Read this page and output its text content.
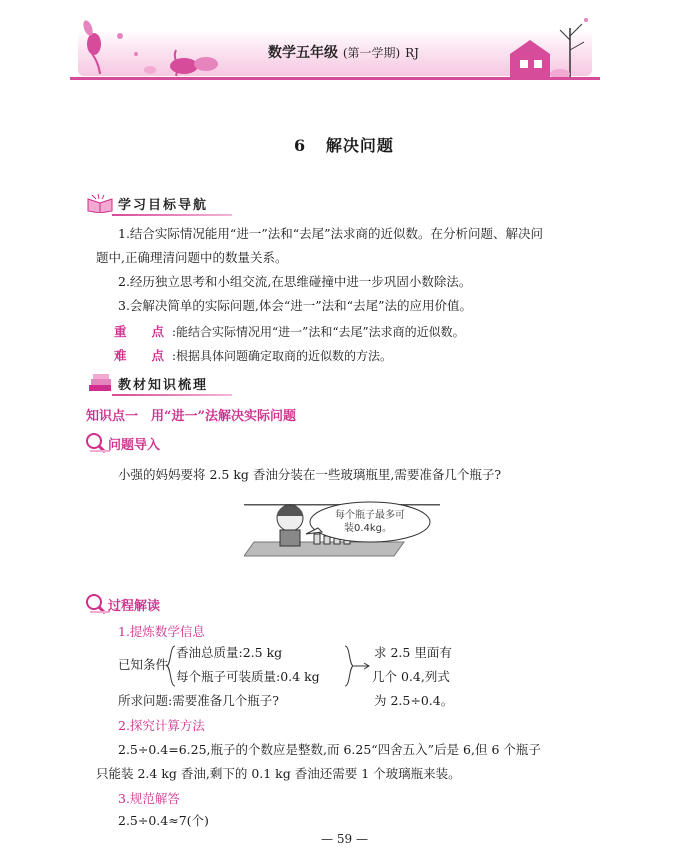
数学五年级 (第一学期) RJ
6 解决问题
学习目标导航
1.结合实际情况能用“进一”法和“去尾”法求商的近似数。在分析问题、解决问
题中,正确理清问题中的数量关系。
2.经历独立思考和小组交流,在思维碰撞中进一步巩固小数除法。
3.会解决简单的实际问题,体会“进一”法和“去尾”法的应用价值。
重　　点 :能结合实际情况用“进一”法和“去尾”法求商的近似数。
难　　点 :根据具体问题确定取商的近似数的方法。
教材知识梳理
知识点一　用“进一”法解决实际问题
问题导入
小强的妈妈要将 2.5 kg 香油分装在一些玻璃瓶里,需要准备几个瓶子?
每个瓶子最多可
装0.4kg。
过程解读
1.提炼数学信息
已知条件
香油总质量:2.5 kg
每个瓶子可装质量:0.4 kg
求 2.5 里面有
几个 0.4,列式
所求问题:需要准备几个瓶子?	为 2.5÷0.4。
2.探究计算方法
2.5÷0.4=6.25,瓶子的个数应是整数,而 6.25“四舍五入”后是 6,但 6 个瓶子
只能装 2.4 kg 香油,剩下的 0.1 kg 香油还需要 1 个玻璃瓶来装。
3.规范解答
2.5÷0.4≈7(个)
— 59 —
